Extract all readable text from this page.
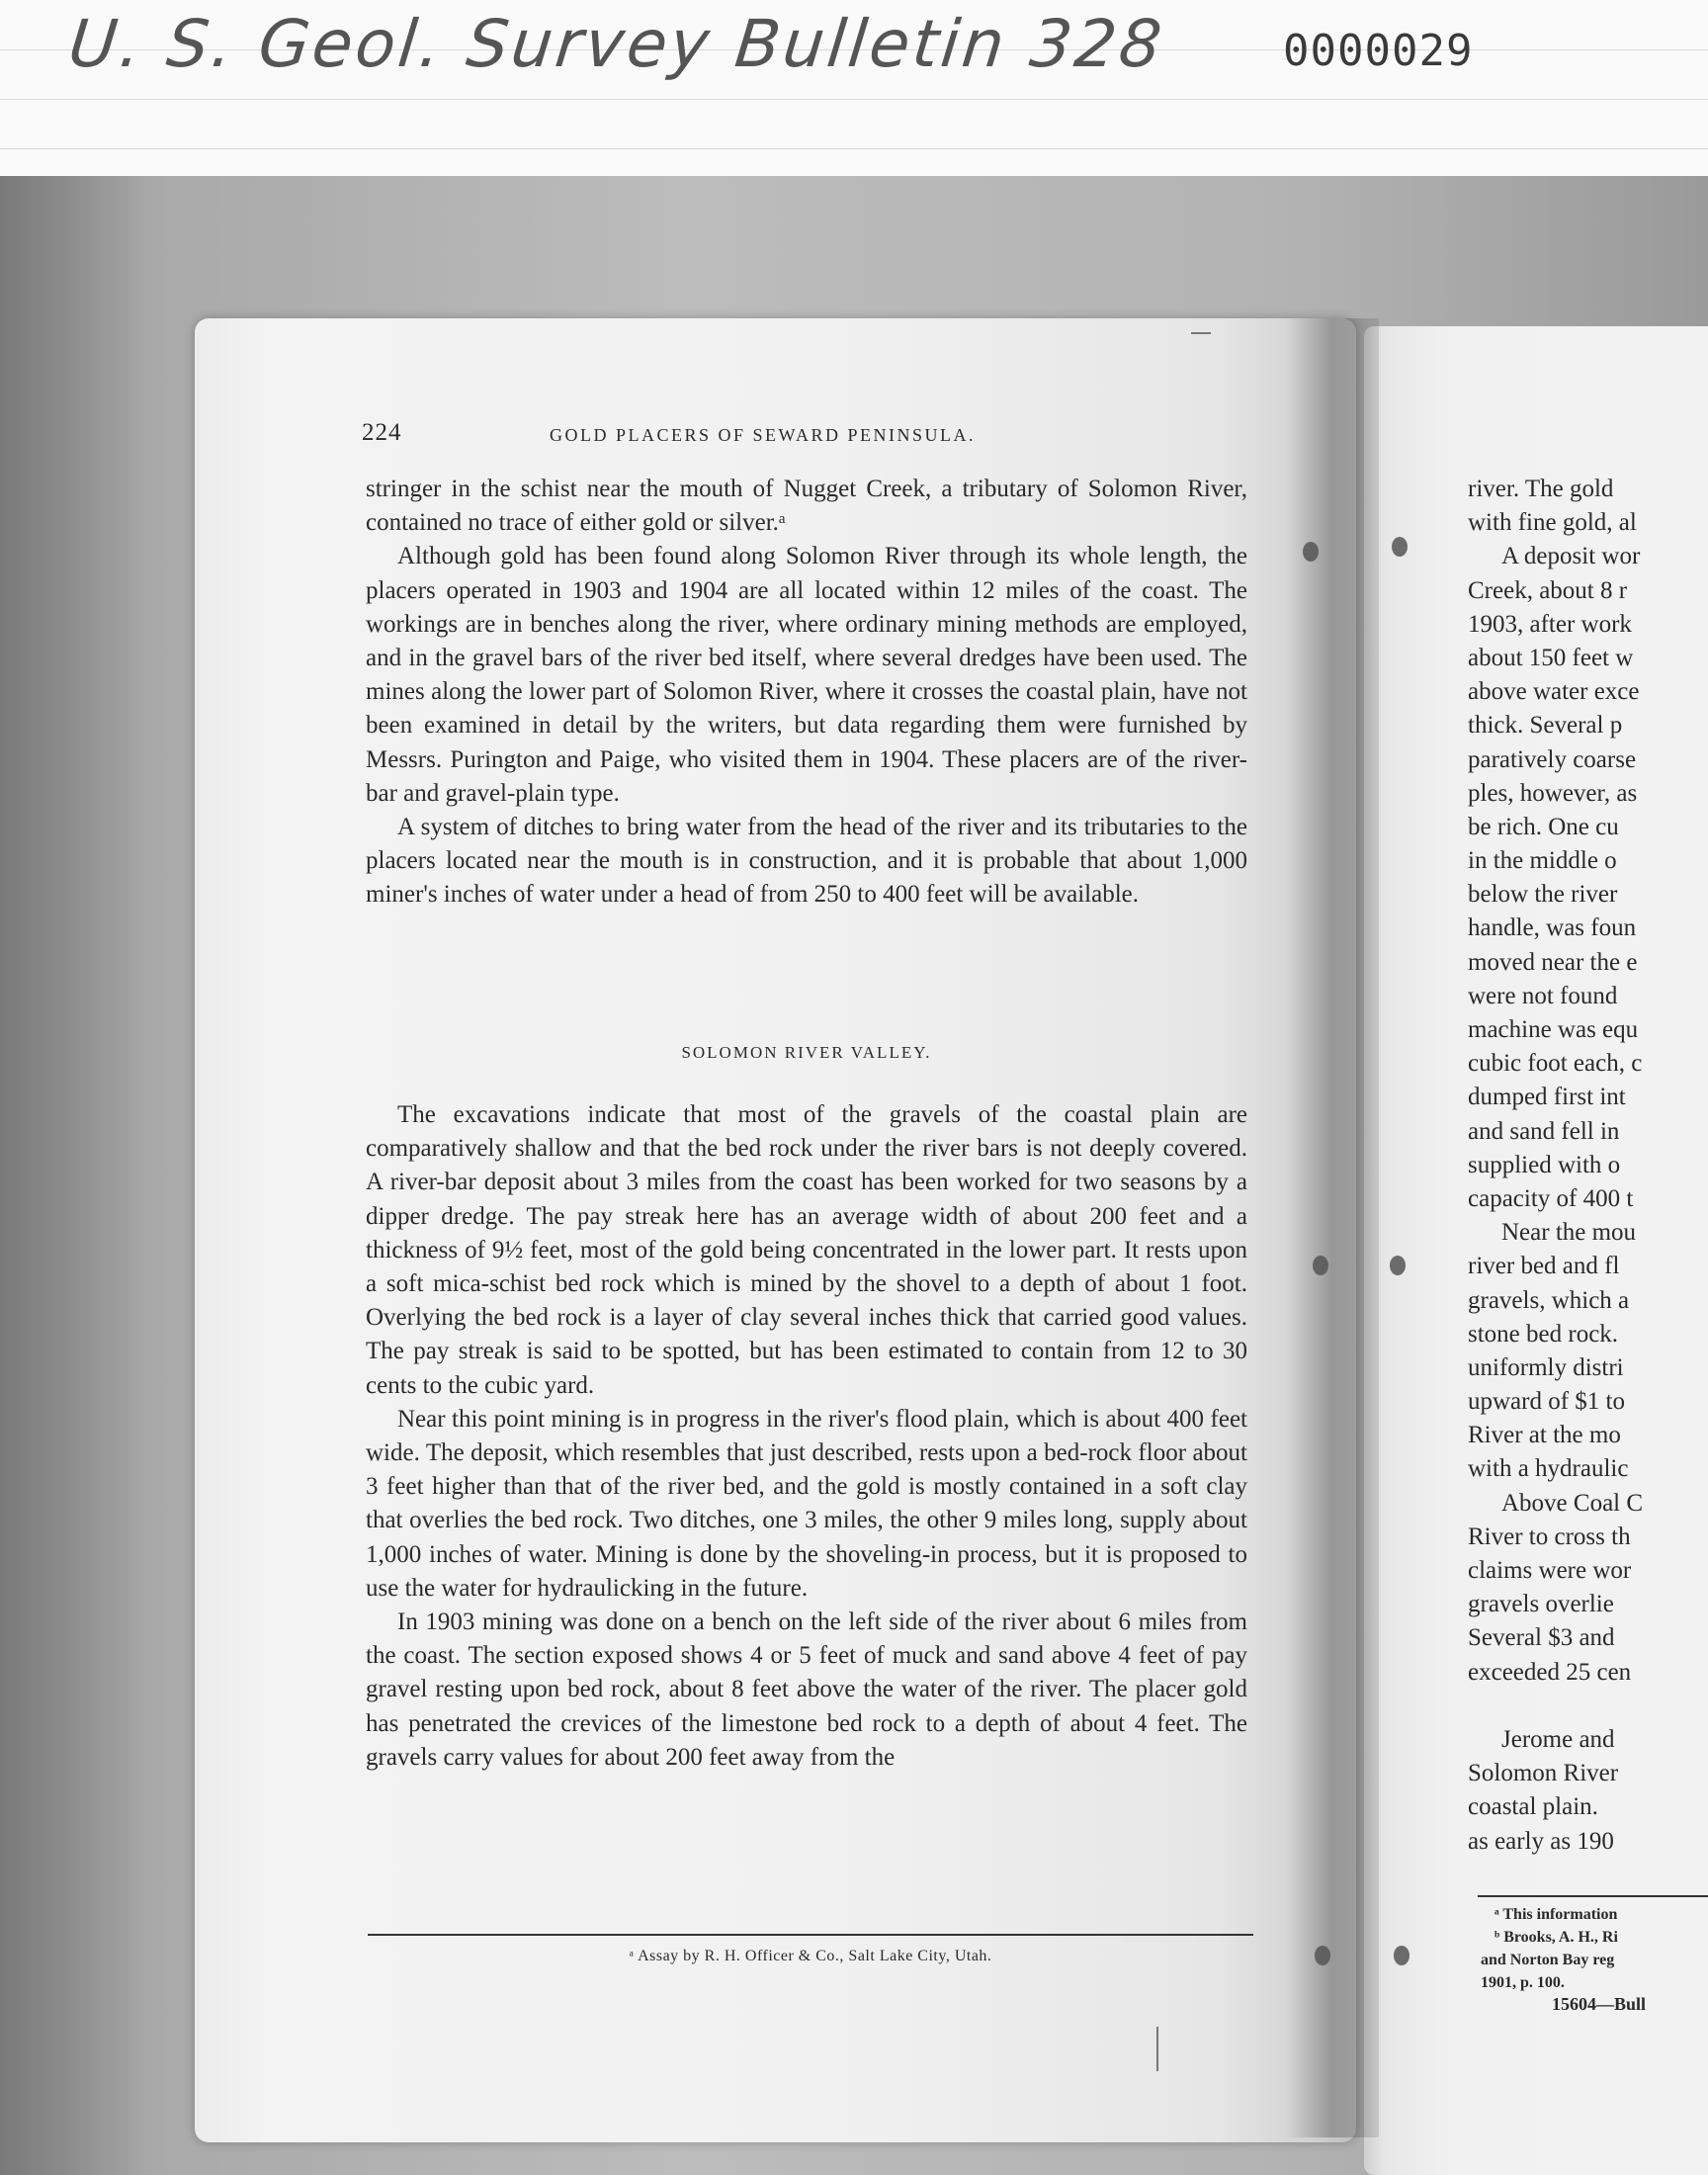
U. S. Geol. Survey Bulletin 328	0000029
224	GOLD PLACERS OF SEWARD PENINSULA.

stringer in the schist near the mouth of Nugget Creek, a tributary of Solomon River, contained no trace of either gold or silver.ᵃ

Although gold has been found along Solomon River through its whole length, the placers operated in 1903 and 1904 are all located within 12 miles of the coast. The workings are in benches along the river, where ordinary mining methods are employed, and in the gravel bars of the river bed itself, where several dredges have been used. The mines along the lower part of Solomon River, where it crosses the coastal plain, have not been examined in detail by the writers, but data regarding them were furnished by Messrs. Purington and Paige, who visited them in 1904. These placers are of the river-bar and gravel-plain type.

A system of ditches to bring water from the head of the river and its tributaries to the placers located near the mouth is in construction, and it is probable that about 1,000 miner's inches of water under a head of from 250 to 400 feet will be available.

SOLOMON RIVER VALLEY.

The excavations indicate that most of the gravels of the coastal plain are comparatively shallow and that the bed rock under the river bars is not deeply covered. A river-bar deposit about 3 miles from the coast has been worked for two seasons by a dipper dredge. The pay streak here has an average width of about 200 feet and a thickness of 9½ feet, most of the gold being concentrated in the lower part. It rests upon a soft mica-schist bed rock which is mined by the shovel to a depth of about 1 foot. Overlying the bed rock is a layer of clay several inches thick that carried good values. The pay streak is said to be spotted, but has been estimated to contain from 12 to 30 cents to the cubic yard.

Near this point mining is in progress in the river's flood plain, which is about 400 feet wide. The deposit, which resembles that just described, rests upon a bed-rock floor about 3 feet higher than that of the river bed, and the gold is mostly contained in a soft clay that overlies the bed rock. Two ditches, one 3 miles, the other 9 miles long, supply about 1,000 inches of water. Mining is done by the shoveling-in process, but it is proposed to use the water for hydraulicking in the future.

In 1903 mining was done on a bench on the left side of the river about 6 miles from the coast. The section exposed shows 4 or 5 feet of muck and sand above 4 feet of pay gravel resting upon bed rock, about 8 feet above the water of the river. The placer gold has penetrated the crevices of the limestone bed rock to a depth of about 4 feet. The gravels carry values for about 200 feet away from the

ᵃ Assay by R. H. Officer & Co., Salt Lake City, Utah.
river. The gold
with fine gold, al
A deposit wor
Creek, about 8 r
1903, after work
about 150 feet w
above water exce
thick. Several p
paratively coarse
ples, however, as
be rich. One cu
in the middle o
below the river
handle, was foun
moved near the e
were not found
machine was equ
cubic foot each, c
dumped first int
and sand fell in
supplied with o
capacity of 400 t
Near the mou
river bed and fl
gravels, which a
stone bed rock.
uniformly distri
upward of $1 to
River at the mo
with a hydraulic
Above Coal C
River to cross th
claims were wor
gravels overlie
Several $3 and
exceeded 25 cen
Jerome and
Solomon River
coastal plain.
as early as 190
ᵃ This information
ᵇ Brooks, A. H., Ri
and Norton Bay reg
1901, p. 100.
15604—Bull
